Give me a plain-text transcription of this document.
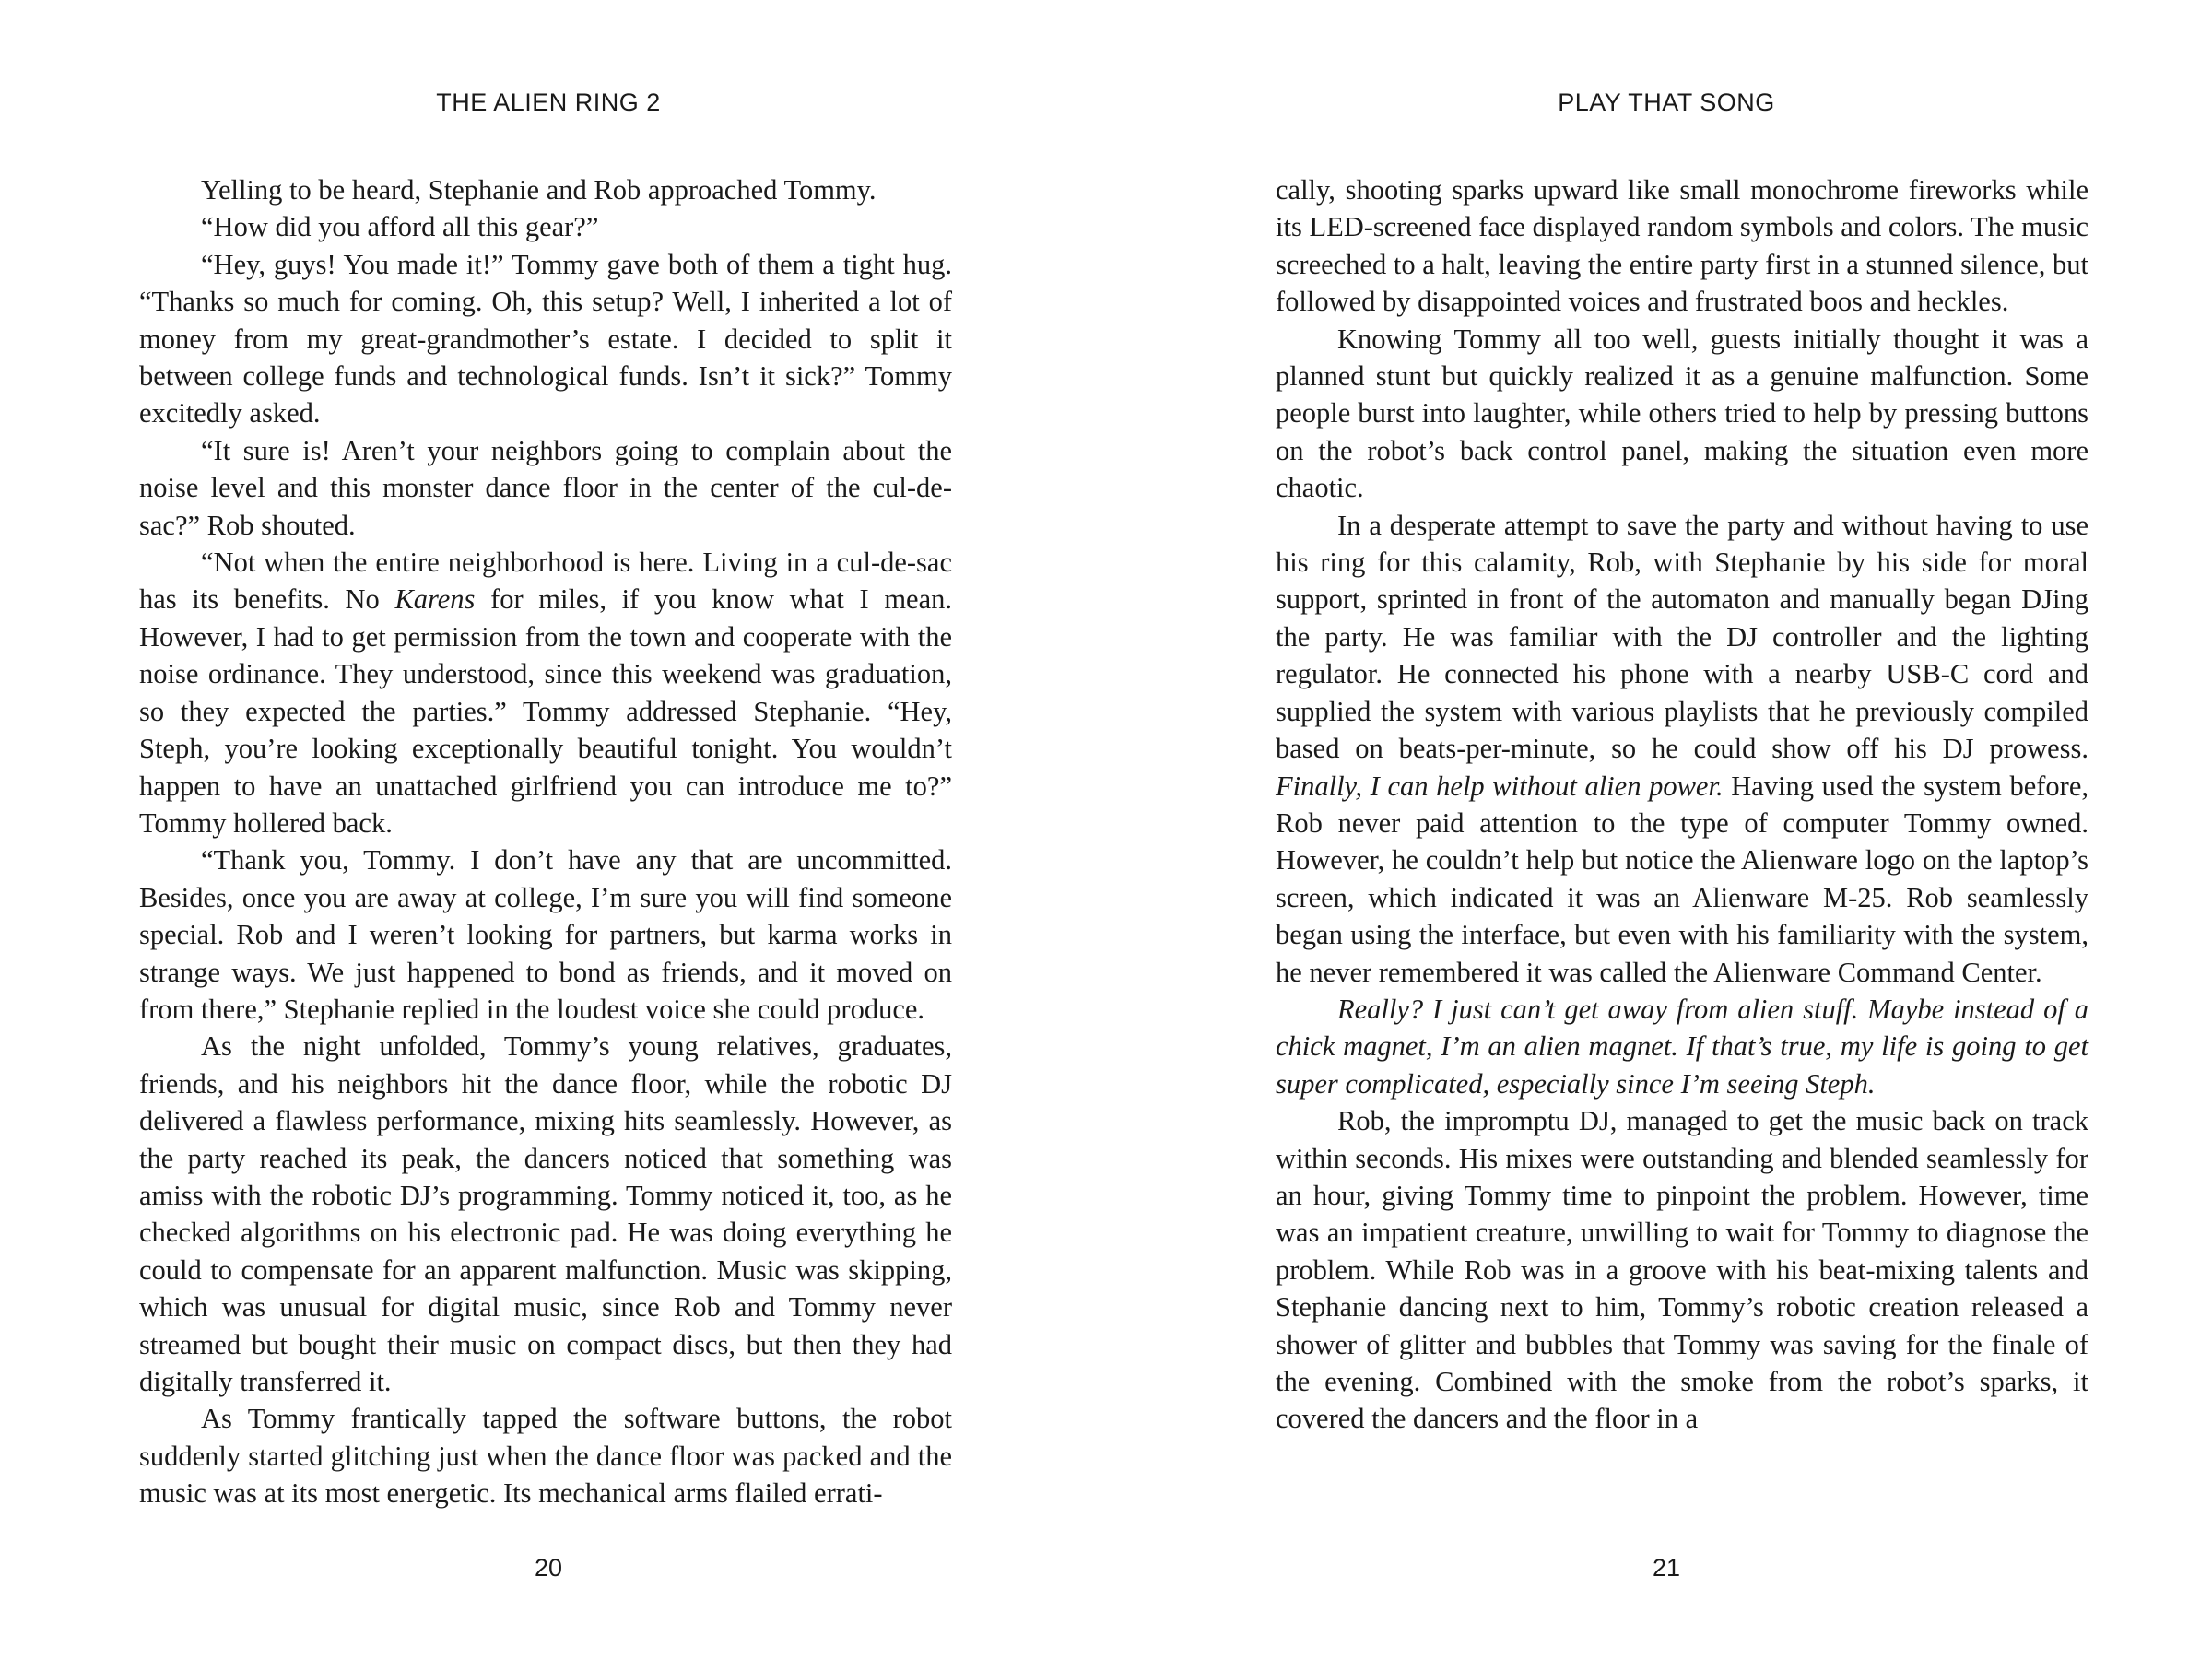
THE ALIEN RING 2

Yelling to be heard, Stephanie and Rob approached Tommy.

“How did you afford all this gear?”

“Hey, guys! You made it!” Tommy gave both of them a tight hug. “Thanks so much for coming. Oh, this setup? Well, I inherited a lot of money from my great-grandmother’s estate. I decided to split it between college funds and technological funds. Isn’t it sick?” Tommy excitedly asked.

“It sure is! Aren’t your neighbors going to complain about the noise level and this monster dance floor in the center of the cul-de-sac?” Rob shouted.

“Not when the entire neighborhood is here. Living in a cul-de-sac has its benefits. No Karens for miles, if you know what I mean. However, I had to get permission from the town and cooperate with the noise ordinance. They understood, since this weekend was graduation, so they expected the parties.” Tommy addressed Stephanie. “Hey, Steph, you’re looking exceptionally beautiful tonight. You wouldn’t happen to have an unattached girlfriend you can introduce me to?” Tommy hollered back.

“Thank you, Tommy. I don’t have any that are uncommitted. Besides, once you are away at college, I’m sure you will find someone special. Rob and I weren’t looking for partners, but karma works in strange ways. We just happened to bond as friends, and it moved on from there,” Stephanie replied in the loudest voice she could produce.

As the night unfolded, Tommy’s young relatives, graduates, friends, and his neighbors hit the dance floor, while the robotic DJ delivered a flawless performance, mixing hits seamlessly. However, as the party reached its peak, the dancers noticed that something was amiss with the robotic DJ’s programming. Tommy noticed it, too, as he checked algorithms on his electronic pad. He was doing everything he could to compensate for an apparent malfunction. Music was skipping, which was unusual for digital music, since Rob and Tommy never streamed but bought their music on compact discs, but then they had digitally transferred it.

As Tommy frantically tapped the software buttons, the robot suddenly started glitching just when the dance floor was packed and the music was at its most energetic. Its mechanical arms flailed errati-

20
PLAY THAT SONG

cally, shooting sparks upward like small monochrome fireworks while its LED-screened face displayed random symbols and colors. The music screeched to a halt, leaving the entire party first in a stunned silence, but followed by disappointed voices and frustrated boos and heckles.

Knowing Tommy all too well, guests initially thought it was a planned stunt but quickly realized it as a genuine malfunction. Some people burst into laughter, while others tried to help by pressing buttons on the robot’s back control panel, making the situation even more chaotic.

In a desperate attempt to save the party and without having to use his ring for this calamity, Rob, with Stephanie by his side for moral support, sprinted in front of the automaton and manually began DJing the party. He was familiar with the DJ controller and the lighting regulator. He connected his phone with a nearby USB-C cord and supplied the system with various playlists that he previously compiled based on beats-per-minute, so he could show off his DJ prowess. Finally, I can help without alien power. Having used the system before, Rob never paid attention to the type of computer Tommy owned. However, he couldn’t help but notice the Alienware logo on the laptop’s screen, which indicated it was an Alienware M-25. Rob seamlessly began using the interface, but even with his familiarity with the system, he never remembered it was called the Alienware Command Center.

Really? I just can’t get away from alien stuff. Maybe instead of a chick magnet, I’m an alien magnet. If that’s true, my life is going to get super complicated, especially since I’m seeing Steph.

Rob, the impromptu DJ, managed to get the music back on track within seconds. His mixes were outstanding and blended seamlessly for an hour, giving Tommy time to pinpoint the problem. However, time was an impatient creature, unwilling to wait for Tommy to diagnose the problem. While Rob was in a groove with his beat-mixing talents and Stephanie dancing next to him, Tommy’s robotic creation released a shower of glitter and bubbles that Tommy was saving for the finale of the evening. Combined with the smoke from the robot’s sparks, it covered the dancers and the floor in a

21
